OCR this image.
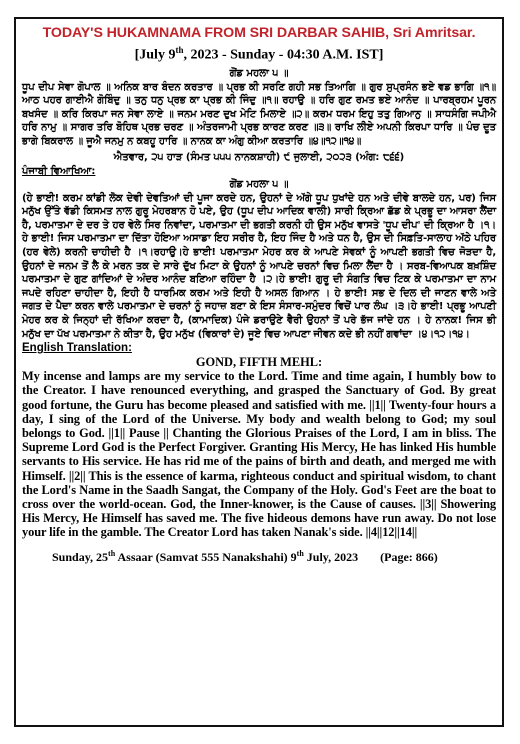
TODAY'S HUKAMNAMA FROM SRI DARBAR SAHIB, Sri Amritsar.
[July 9th, 2023 - Sunday - 04:30 A.M. IST]
ਗੋਂਡ ਮਹਲਾ ੫ ॥
ਧੂਪ ਦੀਪ ਸੇਵਾ ਗੋਪਾਲ ॥ ਅਨਿਕ ਬਾਰ ਬੰਦਨ ਕਰਤਾਰ ॥ ਪ੍ਰਭ ਕੀ ਸਰਣਿ ਗਹੀ ਸਭ ਤਿਆਗਿ ॥ ਗੁਰ ਸੁਪ੍ਰਸੰਨ ਭਏ ਵਡ ਭਾਗਿ ॥੧॥ ਆਠ ਪਹਰ ਗਾਈਐ ਗੋਬਿੰਦੁ ॥ ਤਨੁ ਧਨੁ ਪ੍ਰਭ ਕਾ ਪ੍ਰਭ ਕੀ ਜਿੰਦੁ ॥੧॥ ਰਹਾਉ ॥ ਹਰਿ ਗੁਣ ਰਮਤ ਭਏ ਆਨੰਦ ॥ ਪਾਰਬ੍ਰਹਮ ਪੂਰਨ ਬਖਸੰਦ ॥ ਕਰਿ ਕਿਰਪਾ ਜਨ ਸੇਵਾ ਲਾਏ ॥ ਜਨਮ ਮਰਣ ਦੁਖ ਮੇਟਿ ਮਿਲਾਏ ॥੨॥ ਕਰਮ ਧਰਮ ਇਹੁ ਤਤੁ ਗਿਆਨੁ ॥ ਸਾਧਸੰਗਿ ਜਪੀਐ ਹਰਿ ਨਾਮੁ ॥ ਸਾਗਰ ਤਰਿ ਬੋਹਿਥ ਪ੍ਰਭ ਚਰਣ ॥ ਅੰਤਰਜਾਮੀ ਪ੍ਰਭ ਕਾਰਣ ਕਰਣ ॥੩॥ ਰਾਖਿ ਲੀਏ ਅਪਨੀ ਕਿਰਪਾ ਧਾਰਿ ॥ ਪੰਚ ਦੂਤ ਭਾਗੇ ਬਿਕਰਾਲ ॥ ਜੂਐ ਜਨਮੁ ਨ ਕਬਹੂ ਹਾਰਿ ॥ ਨਾਨਕ ਕਾ ਅੰਗੁ ਕੀਆ ਕਰਤਾਰਿ ॥੪॥੧੨॥੧੪॥
ਐਤਵਾਰ, ੨੫ ਹਾੜ (ਸੰਮਤ ੫੫੫ ਨਾਨਕਸ਼ਾਹੀ) ੯ ਜੁਲਾਈ, ੨੦੨੩ (ਅੰਗ: ੮੬੬)
ਪੰਜਾਬੀ ਵਿਆਖਿਆ:
ਗੋਂਡ ਮਹਲਾ ੫ ॥
(ਹੇ ਭਾਈ! ਕਰਮ ਕਾਂਡੀ ਲੋਕ ਦੇਵੀ ਦੇਵਤਿਆਂ ਦੀ ਪੂਜਾ ਕਰਦੇ ਹਨ, ਉਹਨਾਂ ਦੇ ਅੱਗੇ ਧੂਪ ਧੁਖਾਂਦੇ ਹਨ ਅਤੇ ਦੀਵੇ ਬਾਲਦੇ ਹਨ, ਪਰ) ਜਿਸ ਮਨੁੱਖ ਉੱਤੇ ਵੱਡੀ ਕਿਸਮਤ ਨਾਲ ਗੁਰੂ ਮੇਹਰਬਾਨ ਹੋ ਪਏ, ਉਹ (ਧੂਪ ਦੀਪ ਆਦਿਕ ਵਾਲੀ) ਸਾਰੀ ਕ੍ਰਿਆ ਛੱਡ ਕੇ ਪ੍ਰਭੂ ਦਾ ਆਸਰਾ ਲੈਂਦਾ ਹੈ, ਪਰਮਾਤਮਾ ਦੇ ਦਰ ਤੇ ਹਰ ਵੇਲੇ ਸਿਰ ਨਿਵਾਂਦਾ, ਪਰਮਾਤਮਾ ਦੀ ਭਗਤੀ ਕਰਨੀ ਹੀ ਉਸ ਮਨੁੱਖ ਵਾਸਤੇ 'ਧੂਪ ਦੀਪ' ਦੀ ਕ੍ਰਿਆ ਹੈ ।੧।ਹੇ ਭਾਈ! ਜਿਸ ਪਰਮਾਤਮਾ ਦਾ ਦਿੱਤਾ ਹੋਇਆ ਅਸਾਡਾ ਇਹ ਸਰੀਰ ਹੈ, ਇਹ ਜਿੰਦ ਹੈ ਅਤੇ ਧਨ ਹੈ, ਉਸ ਦੀ ਸਿਫ਼ਤਿ-ਸਾਲਾਹ ਅੱਠੇ ਪਹਿਰ (ਹਰ ਵੇਲੇ) ਕਰਨੀ ਚਾਹੀਦੀ ਹੈ ।੧।ਰਹਾਉ।ਹੇ ਭਾਈ! ਪਰਮਾਤਮਾ ਮੇਹਰ ਕਰ ਕੇ ਆਪਣੇ ਸੇਵਕਾਂ ਨੂੰ ਆਪਣੀ ਭਗਤੀ ਵਿਚ ਜੋੜਦਾ ਹੈ, ਉਹਨਾਂ ਦੇ ਜਨਮ ਤੋਂ ਲੈ ਕੇ ਮਰਨ ਤਕ ਦੇ ਸਾਰੇ ਦੁੱਖ ਮਿਟਾ ਕੇ ਉਹਨਾਂ ਨੂੰ ਆਪਣੇ ਚਰਨਾਂ ਵਿਚ ਮਿਲਾ ਲੈਂਦਾ ਹੈ । ਸਰਬ-ਵਿਆਪਕ ਬਖ਼ਸ਼ਿੰਦ ਪਰਮਾਤਮਾ ਦੇ ਗੁਣ ਗਾਂਦਿਆਂ ਦੇ ਅੰਦਰ ਆਨੰਦ ਬਣਿਆ ਰਹਿੰਦਾ ਹੈ ।੨।ਹੇ ਭਾਈ! ਗੁਰੂ ਦੀ ਸੰਗਤਿ ਵਿਚ ਟਿਕ ਕੇ ਪਰਮਾਤਮਾ ਦਾ ਨਾਮ ਜਪਦੇ ਰਹਿਣਾ ਚਾਹੀਦਾ ਹੈ, ਇਹੀ ਹੈ ਧਾਰਮਿਕ ਕਰਮ ਅਤੇ ਇਹੀ ਹੈ ਅਸਲ ਗਿਆਨ । ਹੇ ਭਾਈ! ਸਭ ਦੇ ਦਿਲ ਦੀ ਜਾਣਨ ਵਾਲੇ ਅਤੇ ਜਗਤ ਦੇ ਪੈਦਾ ਕਰਨ ਵਾਲੇ ਪਰਮਾਤਮਾ ਦੇ ਚਰਨਾਂ ਨੂੰ ਜਹਾਜ਼ ਬਣਾ ਕੇ ਇਸ ਸੰਸਾਰ-ਸਮੁੰਦਰ ਵਿਚੋਂ ਪਾਰ ਲੰਘ ।੩।ਹੇ ਭਾਈ! ਪ੍ਰਭੂ ਆਪਣੀ ਮੇਹਰ ਕਰ ਕੇ ਜਿਨ੍ਹਾਂ ਦੀ ਰੱਖਿਆ ਕਰਦਾ ਹੈ, (ਕਾਮਾਦਿਕ) ਪੰਜੇ ਡਰਾਉਣੇ ਵੈਰੀ ਉਹਨਾਂ ਤੋਂ ਪਰੇ ਭੱਜ ਜਾਂਦੇ ਹਨ । ਹੇ ਨਾਨਕ! ਜਿਸ ਭੀ ਮਨੁੱਖ ਦਾ ਪੱਖ ਪਰਮਾਤਮਾ ਨੇ ਕੀਤਾ ਹੈ, ਉਹ ਮਨੁੱਖ (ਵਿਕਾਰਾਂ ਦੇ) ਜੂਏ ਵਿਚ ਆਪਣਾ ਜੀਵਨ ਕਦੇ ਭੀ ਨਹੀਂ ਗਵਾਂਦਾ ।੪।੧੨।੧੪।
English Translation:
GOND, FIFTH MEHL:
My incense and lamps are my service to the Lord. Time and time again, I humbly bow to the Creator. I have renounced everything, and grasped the Sanctuary of God. By great good fortune, the Guru has become pleased and satisfied with me. ||1|| Twenty-four hours a day, I sing of the Lord of the Universe. My body and wealth belong to God; my soul belongs to God. ||1|| Pause || Chanting the Glorious Praises of the Lord, I am in bliss. The Supreme Lord God is the Perfect Forgiver. Granting His Mercy, He has linked His humble servants to His service. He has rid me of the pains of birth and death, and merged me with Himself. ||2|| This is the essence of karma, righteous conduct and spiritual wisdom, to chant the Lord's Name in the Saadh Sangat, the Company of the Holy. God's Feet are the boat to cross over the world-ocean. God, the Inner-knower, is the Cause of causes. ||3|| Showering His Mercy, He Himself has saved me. The five hideous demons have run away. Do not lose your life in the gamble. The Creator Lord has taken Nanak's side. ||4||12||14||
Sunday, 25th Assaar (Samvat 555 Nanakshahi) 9th July, 2023 (Page: 866)
